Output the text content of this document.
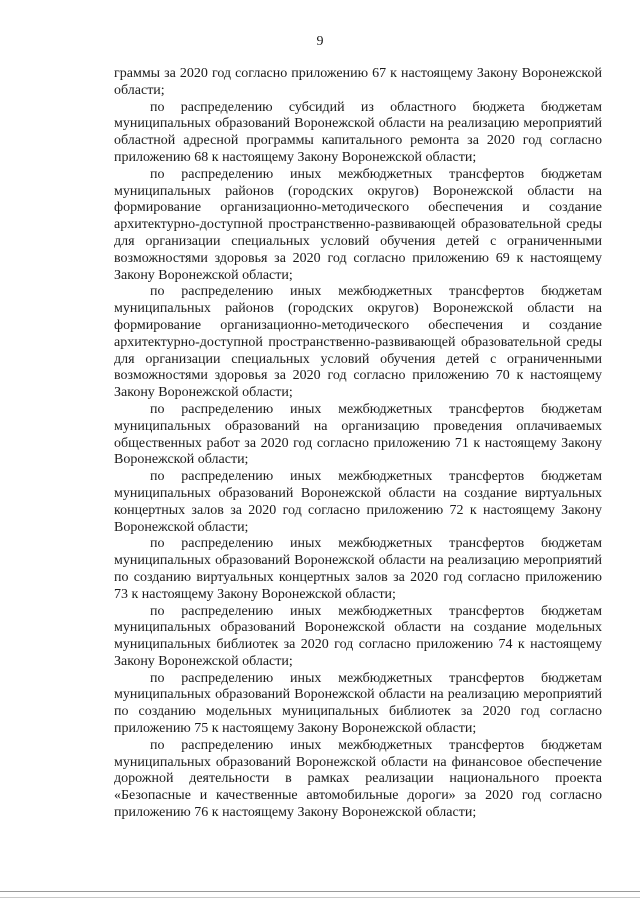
9

граммы за 2020 год согласно приложению 67 к настоящему Закону Воронежской области;

по распределению субсидий из областного бюджета бюджетам муниципальных образований Воронежской области на реализацию мероприятий областной адресной программы капитального ремонта за 2020 год согласно приложению 68 к настоящему Закону Воронежской области;

по распределению иных межбюджетных трансфертов бюджетам муниципальных районов (городских округов) Воронежской области на формирование организационно-методического обеспечения и создание архитектурно-доступной пространственно-развивающей образовательной среды для организации специальных условий обучения детей с ограниченными возможностями здоровья за 2020 год согласно приложению 69 к настоящему Закону Воронежской области;

по распределению иных межбюджетных трансфертов бюджетам муниципальных районов (городских округов) Воронежской области на формирование организационно-методического обеспечения и создание архитектурно-доступной пространственно-развивающей образовательной среды для организации специальных условий обучения детей с ограниченными возможностями здоровья за 2020 год согласно приложению 70 к настоящему Закону Воронежской области;

по распределению иных межбюджетных трансфертов бюджетам муниципальных образований на организацию проведения оплачиваемых общественных работ за 2020 год согласно приложению 71 к настоящему Закону Воронежской области;

по распределению иных межбюджетных трансфертов бюджетам муниципальных образований Воронежской области на создание виртуальных концертных залов за 2020 год согласно приложению 72 к настоящему Закону Воронежской области;

по распределению иных межбюджетных трансфертов бюджетам муниципальных образований Воронежской области на реализацию мероприятий по созданию виртуальных концертных залов за 2020 год согласно приложению 73 к настоящему Закону Воронежской области;

по распределению иных межбюджетных трансфертов бюджетам муниципальных образований Воронежской области на создание модельных муниципальных библиотек за 2020 год согласно приложению 74 к настоящему Закону Воронежской области;

по распределению иных межбюджетных трансфертов бюджетам муниципальных образований Воронежской области на реализацию мероприятий по созданию модельных муниципальных библиотек за 2020 год согласно приложению 75 к настоящему Закону Воронежской области;

по распределению иных межбюджетных трансфертов бюджетам муниципальных образований Воронежской области на финансовое обеспечение дорожной деятельности в рамках реализации национального проекта «Безопасные и качественные автомобильные дороги» за 2020 год согласно приложению 76 к настоящему Закону Воронежской области;
